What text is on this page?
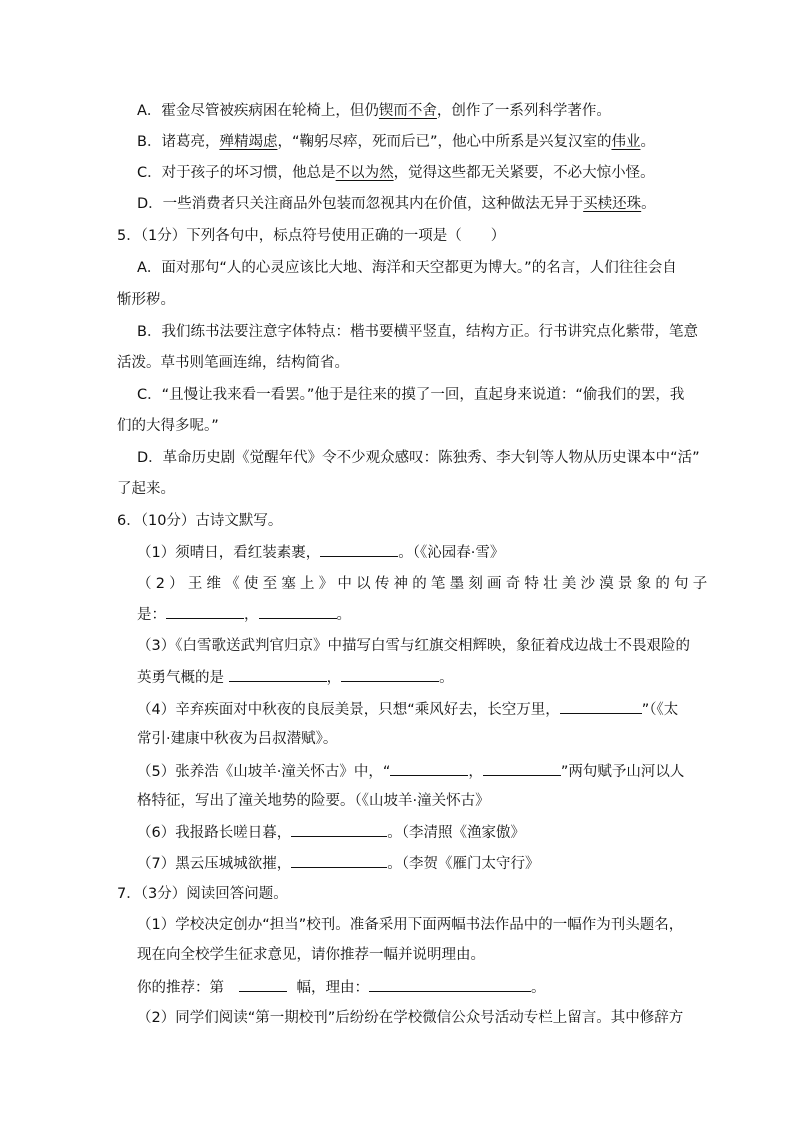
A．霍金尽管被疾病困在轮椅上，但仍锲而不舍，创作了一系列科学著作。
B．诸葛亮，殚精竭虑，“鞠躬尽瘁，死而后已”，他心中所系是兴复汉室的伟业。
C．对于孩子的坏习惯，他总是不以为然，觉得这些都无关紧要，不必大惊小怪。
D．一些消费者只关注商品外包装而忽视其内在价值，这种做法无异于买椟还珠。
5．（1分）下列各句中，标点符号使用正确的一项是（　　）
A．面对那句“人的心灵应该比大地、海洋和天空都更为博大。”的名言，人们往往会自
惭形秽。
B．我们练书法要注意字体特点：楷书要横平竖直，结构方正。行书讲究点化紫带，笔意
活泼。草书则笔画连绵，结构简省。
C．“且慢让我来看一看罢。”他于是往来的摸了一回，直起身来说道：“偷我们的罢，我
们的大得多呢。”
D．革命历史剧《觉醒年代》令不少观众感叹：陈独秀、李大钊等人物从历史课本中“活”
了起来。
6．（10分）古诗文默写。
（1）须晴日，看红装素裹，	。（《沁园春·雪》
（2）王维《使至塞上》中以传神的笔墨刻画奇特壮美沙漠景象的句子
是：	，	。
（3）《白雪歌送武判官归京》中描写白雪与红旗交相辉映，象征着戍边战士不畏艰险的
英勇气概的是	，	。
（4）辛弃疾面对中秋夜的良辰美景，只想“乘风好去，长空万里，	”（《太
常引·建康中秋夜为吕叔潜赋》。
（5）张养浩《山坡羊·潼关怀古》中，“	，	”两句赋予山河以人
格特征，写出了潼关地势的险要。（《山坡羊·潼关怀古》
（6）我报路长嗟日暮，	。（李清照《渔家傲》
（7）黑云压城城欲摧，	。（李贺《雁门太守行》
7．（3分）阅读回答问题。
（1）学校决定创办“担当”校刊。准备采用下面两幅书法作品中的一幅作为刊头题名，
现在向全校学生征求意见，请你推荐一幅并说明理由。
你的推荐：第　	幅，理由：	。
（2）同学们阅读“第一期校刊”后纷纷在学校微信公众号活动专栏上留言。其中修辞方
